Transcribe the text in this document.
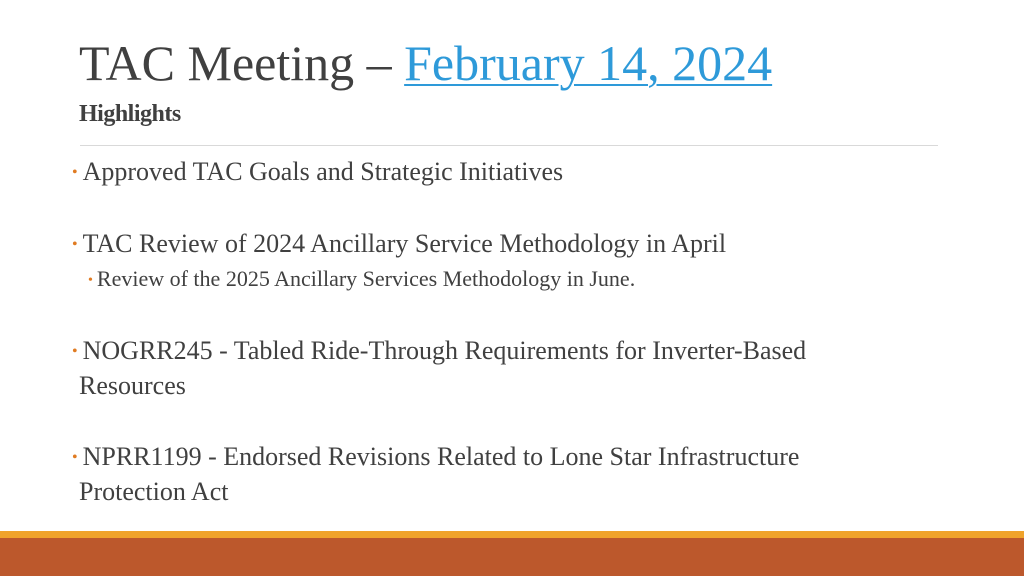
TAC Meeting – February 14, 2024
Highlights
• Approved TAC Goals and Strategic Initiatives
• TAC Review of 2024 Ancillary Service Methodology in April
• Review of the 2025 Ancillary Services Methodology in June.
• NOGRR245 - Tabled Ride-Through Requirements for Inverter-Based
Resources
• NPRR1199 - Endorsed Revisions Related to Lone Star Infrastructure
Protection Act
